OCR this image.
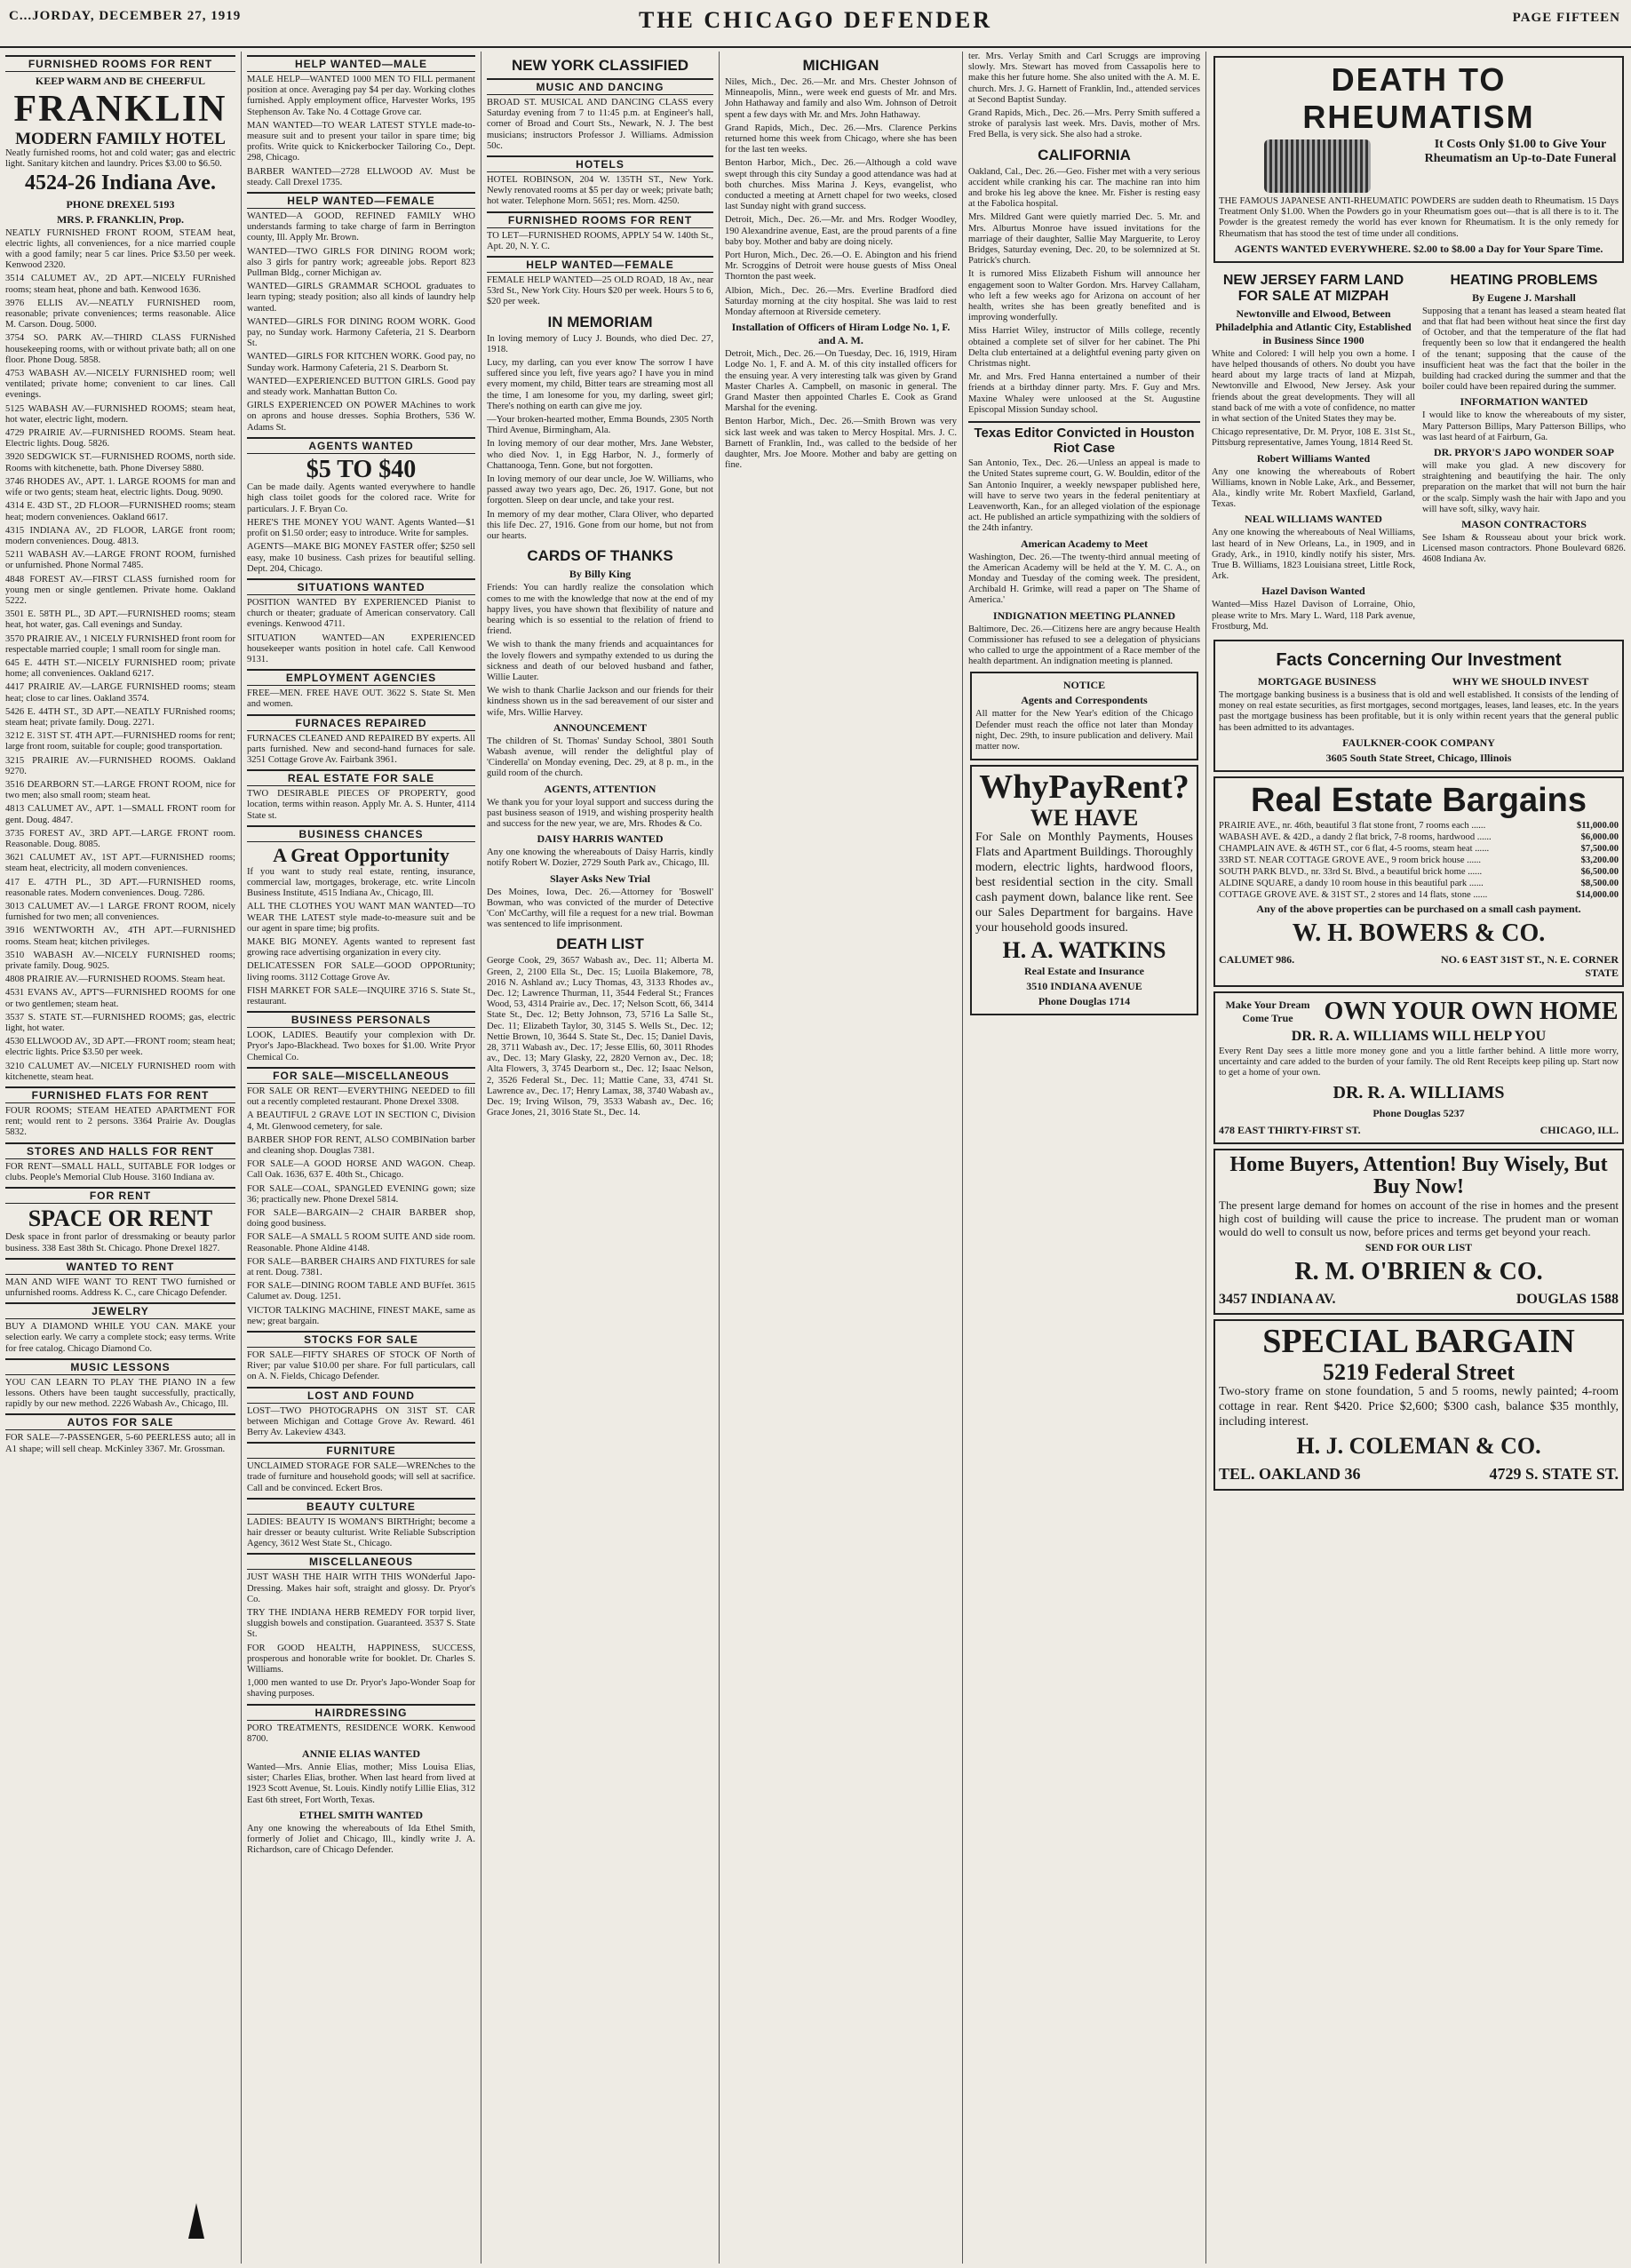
C...JORDAY, DECEMBER 27, 1919	THE CHICAGO DEFENDER	PAGE FIFTEEN
FURNISHED ROOMS FOR RENT
KEEP WARM AND BE CHEERFUL
FRANKLIN
MODERN FAMILY HOTEL
Neatly furnished rooms, hot and cold water; gas and electric light. Sanitary kitchen and laundry. Prices $3.00 to $6.50.
4524-26 Indiana Ave.
PHONE DREXEL 5193
MRS. P. FRANKLIN, Prop.
NEATLY FURNISHED FRONT ROOM, STEAM heat, electric lights, all conveniences, for a nice married couple with a good family; near 5 car lines. Price $3.50 per week. Kenwood 2320.
3514 CALUMET AV., 2D APT.—NICELY FURnished rooms; steam heat, phone and bath. Kenwood 1636.
3976 ELLIS AV.—NEATLY FURNISHED room, reasonable; private conveniences; terms reasonable. Alice M. Carson. Doug. 5000.
3754 SO. PARK AV.—THIRD CLASS FURNished housekeeping rooms, with or without private bath; all on one floor. Phone Doug. 5858.
4753 WABASH AV.—NICELY FURNISHED room; well ventilated; private home; convenient to car lines. Call evenings.
5125 WABASH AV.—FURNISHED ROOMS; steam heat, hot water, electric light, modern.
4729 PRAIRIE AV.—FURNISHED ROOMS. Steam heat. Electric lights. Doug. 5826.
3920 SEDGWICK ST.—FURNISHED ROOMS, north side. Rooms with kitchenette, bath. Phone Diversey 5880.
3746 RHODES AV., APT. 1. LARGE ROOMS for man and wife or two gents; steam heat, electric lights. Doug. 9090.
4314 E. 43D ST., 2D FLOOR—FURNISHED rooms; steam heat; modern conveniences. Oakland 6617.
4315 INDIANA AV., 2D FLOOR, LARGE front room; modern conveniences. Doug. 4813.
5211 WABASH AV.—LARGE FRONT ROOM, furnished or unfurnished. Phone Normal 7485.
4848 FOREST AV.—FIRST CLASS furnished room for young men or single gentlemen. Private home. Oakland 5222.
3501 E. 58TH PL., 3D APT.—FURNISHED rooms; steam heat, hot water, gas. Call evenings and Sunday.
3570 PRAIRIE AV., 1 NICELY FURNISHED front room for respectable married couple; 1 small room for single man.
645 E. 44TH ST.—NICELY FURNISHED room; private home; all conveniences. Oakland 6217.
4417 PRAIRIE AV.—LARGE FURNISHED rooms; steam heat; close to car lines. Oakland 3574.
5426 E. 44TH ST., 3D APT.—NEATLY FURnished rooms; steam heat; private family. Doug. 2271.
3212 E. 31ST ST. 4TH APT.—FURNISHED rooms for rent; large front room, suitable for couple; good transportation.
3215 PRAIRIE AV.—FURNISHED ROOMS. Oakland 9270.
3516 DEARBORN ST.—LARGE FRONT ROOM, nice for two men; also small room; steam heat.
4813 CALUMET AV., APT. 1—SMALL FRONT room for gent. Doug. 4847.
3735 FOREST AV., 3RD APT.—LARGE FRONT room. Reasonable. Doug. 8085.
3621 CALUMET AV., 1ST APT.—FURNISHED rooms; steam heat, electricity, all modern conveniences.
417 E. 47TH PL., 3D APT.—FURNISHED rooms, reasonable rates. Modern conveniences. Doug. 7286.
3013 CALUMET AV.—1 LARGE FRONT ROOM, nicely furnished for two men; all conveniences.
3916 WENTWORTH AV., 4TH APT.—FURNISHED rooms. Steam heat; kitchen privileges.
3510 WABASH AV.—NICELY FURNISHED rooms; private family. Doug. 9025.
4808 PRAIRIE AV.—FURNISHED ROOMS. Steam heat.
4531 EVANS AV., APT'S—FURNISHED ROOMS for one or two gentlemen; steam heat.
3537 S. STATE ST.—FURNISHED ROOMS; gas, electric light, hot water.
4530 ELLWOOD AV., 3D APT.—FRONT room; steam heat; electric lights. Price $3.50 per week.
3210 CALUMET AV.—NICELY FURNISHED room with kitchenette, steam heat.
FURNISHED FLATS FOR RENT
FOUR ROOMS; STEAM HEATED APARTMENT FOR rent; would rent to 2 persons. 3364 Prairie Av. Douglas 5832.
STORES AND HALLS FOR RENT
FOR RENT—SMALL HALL, SUITABLE FOR lodges or clubs. People's Memorial Club House. 3160 Indiana av.
FOR RENT
SPACE OR RENT
Desk space in front parlor of dressmaking or beauty parlor business. 338 East 38th St. Chicago. Phone Drexel 1827.
WANTED TO RENT
MAN AND WIFE WANT TO RENT TWO furnished or unfurnished rooms. Address K. C., care Chicago Defender.
JEWELRY
BUY A DIAMOND WHILE YOU CAN. MAKE your selection early. We carry a complete stock; easy terms. Write for free catalog. Chicago Diamond Co.
MUSIC LESSONS
YOU CAN LEARN TO PLAY THE PIANO IN a few lessons. Others have been taught successfully, practically, rapidly by our new method. 2226 Wabash Av., Chicago, Ill.
AUTOS FOR SALE
FOR SALE—7-PASSENGER, 5-60 PEERLESS auto; all in A1 shape; will sell cheap. McKinley 3367. Mr. Grossman.
HELP WANTED—MALE
MALE HELP—WANTED 1000 MEN TO FILL permanent position at once. Averaging pay $4 per day. Working clothes furnished. Apply employment office, Harvester Works, 195 Stephenson Av. Take No. 4 Cottage Grove car.
MAN WANTED—TO WEAR LATEST STYLE made-to-measure suit and to present your tailor in spare time; big profits. Write quick to Knickerbocker Tailoring Co., Dept. 298, Chicago.
BARBER WANTED—2728 ELLWOOD AV. Must be steady. Call Drexel 1735.
HELP WANTED—FEMALE
WANTED—A GOOD, REFINED FAMILY WHO understands farming to take charge of farm in Berrington county, Ill. Apply Mr. Brown.
WANTED—TWO GIRLS FOR DINING ROOM work; also 3 girls for pantry work; agreeable jobs. Report 823 Pullman Bldg., corner Michigan av.
WANTED—GIRLS GRAMMAR SCHOOL graduates to learn typing; steady position; also all kinds of laundry help wanted.
WANTED—GIRLS FOR DINING ROOM WORK. Good pay, no Sunday work. Harmony Cafeteria, 21 S. Dearborn St.
WANTED—GIRLS FOR KITCHEN WORK. Good pay, no Sunday work. Harmony Cafeteria, 21 S. Dearborn St.
WANTED—EXPERIENCED BUTTON GIRLS. Good pay and steady work. Manhattan Button Co.
GIRLS EXPERIENCED ON POWER MAchines to work on aprons and house dresses. Sophia Brothers, 536 W. Adams St.
AGENTS WANTED
$5 TO $40
Can be made daily. Agents wanted everywhere to handle high class toilet goods for the colored race. Write for particulars. J. F. Bryan Co.
HERE'S THE MONEY YOU WANT. Agents Wanted—$1 profit on $1.50 order; easy to introduce. Write for samples.
AGENTS—MAKE BIG MONEY FASTER offer; $250 sell easy, make 10 business. Cash prizes for beautiful selling. Dept. 204, Chicago.
SITUATIONS WANTED
POSITION WANTED BY EXPERIENCED Pianist to church or theater; graduate of American conservatory. Call evenings. Kenwood 4711.
SITUATION WANTED—AN EXPERIENCED housekeeper wants position in hotel cafe. Call Kenwood 9131.
EMPLOYMENT AGENCIES
FREE—MEN. FREE HAVE OUT. 3622 S. State St. Men and women.
FURNACES REPAIRED
FURNACES CLEANED AND REPAIRED BY experts. All parts furnished. New and second-hand furnaces for sale. 3251 Cottage Grove Av. Fairbank 3961.
REAL ESTATE FOR SALE
TWO DESIRABLE PIECES OF PROPERTY, good location, terms within reason. Apply Mr. A. S. Hunter, 4114 State st.
BUSINESS CHANCES
A Great Opportunity
If you want to study real estate, renting, insurance, commercial law, mortgages, brokerage, etc. write Lincoln Business Institute, 4515 Indiana Av., Chicago, Ill.
ALL THE CLOTHES YOU WANT MAN WANTED—TO WEAR THE LATEST style made-to-measure suit and be our agent in spare time; big profits.
MAKE BIG MONEY. Agents wanted to represent fast growing race advertising organization in every city.
DELICATESSEN FOR SALE—GOOD OPPORtunity; living rooms. 3112 Cottage Grove Av.
FISH MARKET FOR SALE—INQUIRE 3716 S. State St., restaurant.
BUSINESS PERSONALS
LOOK, LADIES. Beautify your complexion with Dr. Pryor's Japo-Blackhead. Two boxes for $1.00. Write Pryor Chemical Co.
FOR SALE—MISCELLANEOUS
FOR SALE OR RENT—EVERYTHING NEEDED to fill out a recently completed restaurant. Phone Drexel 3308.
A BEAUTIFUL 2 GRAVE LOT IN SECTION C, Division 4, Mt. Glenwood cemetery, for sale.
BARBER SHOP FOR RENT, ALSO COMBINation barber and cleaning shop. Douglas 7381.
FOR SALE—A GOOD HORSE AND WAGON. Cheap. Call Oak. 1636, 637 E. 40th St., Chicago.
FOR SALE—COAL, SPANGLED EVENING gown; size 36; practically new. Phone Drexel 5814.
FOR SALE—BARGAIN—2 CHAIR BARBER shop, doing good business.
FOR SALE—A SMALL 5 ROOM SUITE AND side room. Reasonable. Phone Aldine 4148.
FOR SALE—BARBER CHAIRS AND FIXTURES for sale at rent. Doug. 7381.
FOR SALE—DINING ROOM TABLE AND BUFfet. 3615 Calumet av. Doug. 1251.
VICTOR TALKING MACHINE, FINEST MAKE, same as new; great bargain.
STOCKS FOR SALE
FOR SALE—FIFTY SHARES OF STOCK OF North of River; par value $10.00 per share. For full particulars, call on A. N. Fields, Chicago Defender.
LOST AND FOUND
LOST—TWO PHOTOGRAPHS ON 31ST ST. CAR between Michigan and Cottage Grove Av. Reward. 461 Berry Av. Lakeview 4343.
FURNITURE
UNCLAIMED STORAGE FOR SALE—WRENches to the trade of furniture and household goods; will sell at sacrifice. Call and be convinced. Eckert Bros.
BEAUTY CULTURE
LADIES: BEAUTY IS WOMAN'S BIRTHright; become a hair dresser or beauty culturist. Write Reliable Subscription Agency, 3612 West State St., Chicago.
MISCELLANEOUS
JUST WASH THE HAIR WITH THIS WONderful Japo-Dressing. Makes hair soft, straight and glossy. Dr. Pryor's Co.
TRY THE INDIANA HERB REMEDY FOR torpid liver, sluggish bowels and constipation. Guaranteed. 3537 S. State St.
FOR GOOD HEALTH, HAPPINESS, SUCCESS, prosperous and honorable write for booklet. Dr. Charles S. Williams.
1,000 men wanted to use Dr. Pryor's Japo-Wonder Soap for shaving purposes.
HAIRDRESSING
PORO TREATMENTS, RESIDENCE WORK. Kenwood 8700.
ANNIE ELIAS WANTED
Wanted—Mrs. Annie Elias, mother; Miss Louisa Elias, sister; Charles Elias, brother. When last heard from lived at 1923 Scott Avenue, St. Louis. Kindly notify Lillie Elias, 312 East 6th street, Fort Worth, Texas.
ETHEL SMITH WANTED
Any one knowing the whereabouts of Ida Ethel Smith, formerly of Joliet and Chicago, Ill., kindly write J. A. Richardson, care of Chicago Defender.
NEW YORK CLASSIFIED
MUSIC AND DANCING
BROAD ST. MUSICAL AND DANCING CLASS every Saturday evening from 7 to 11:45 p.m. at Engineer's hall, corner of Broad and Court Sts., Newark, N. J. The best musicians; instructors Professor J. Williams. Admission 50c.
HOTELS
HOTEL ROBINSON, 204 W. 135TH ST., New York. Newly renovated rooms at $5 per day or week; private bath; hot water. Telephone Morn. 5651; res. Morn. 4250.
FURNISHED ROOMS FOR RENT
TO LET—FURNISHED ROOMS, APPLY 54 W. 140th St., Apt. 20, N. Y. C.
HELP WANTED—FEMALE
FEMALE HELP WANTED—25 OLD ROAD, 18 Av., near 53rd St., New York City. Hours $20 per week. Hours 5 to 6, $20 per week.
IN MEMORIAM
In loving memory of Lucy J. Bounds, who died Dec. 27, 1918.
Lucy, my darling, can you ever know The sorrow I have suffered since you left, five years ago? I have you in mind every moment, my child, Bitter tears are streaming most all the time, I am lonesome for you, my darling, sweet girl; There's nothing on earth can give me joy.
—Your broken-hearted mother, Emma Bounds, 2305 North Third Avenue, Birmingham, Ala.
In loving memory of our dear mother, Mrs. Jane Webster, who died Nov. 1, in Egg Harbor, N. J., formerly of Chattanooga, Tenn. Gone, but not forgotten.
In loving memory of our dear uncle, Joe W. Williams, who passed away two years ago, Dec. 26, 1917. Gone, but not forgotten. Sleep on dear uncle, and take your rest.
In memory of my dear mother, Clara Oliver, who departed this life Dec. 27, 1916. Gone from our home, but not from our hearts.
CARDS OF THANKS
By Billy King
Friends: You can hardly realize the consolation which comes to me with the knowledge that now at the end of my happy lives, you have shown that flexibility of nature and bearing which is so essential to the relation of friend to friend.
We wish to thank the many friends and acquaintances for the lovely flowers and sympathy extended to us during the sickness and death of our beloved husband and father, Willie Lauter.
We wish to thank Charlie Jackson and our friends for their kindness shown us in the sad bereavement of our sister and wife, Mrs. Willie Harvey.
ANNOUNCEMENT
The children of St. Thomas' Sunday School, 3801 South Wabash avenue, will render the delightful play of 'Cinderella' on Monday evening, Dec. 29, at 8 p. m., in the guild room of the church.
AGENTS, ATTENTION
We thank you for your loyal support and success during the past business season of 1919, and wishing prosperity health and success for the new year, we are, Mrs. Rhodes & Co.
DAISY HARRIS WANTED
Any one knowing the whereabouts of Daisy Harris, kindly notify Robert W. Dozier, 2729 South Park av., Chicago, Ill.
Slayer Asks New Trial
Des Moines, Iowa, Dec. 26.—Attorney for 'Boswell' Bowman, who was convicted of the murder of Detective 'Con' McCarthy, will file a request for a new trial. Bowman was sentenced to life imprisonment.
DEATH LIST
George Cook, 29, 3657 Wabash av., Dec. 11; Alberta M. Green, 2, 2100 Ella St., Dec. 15; Luoila Blakemore, 78, 2016 N. Ashland av.; Lucy Thomas, 43, 3133 Rhodes av., Dec. 12; Lawrence Thurman, 11, 3544 Federal St.; Frances Wood, 53, 4314 Prairie av., Dec. 17; Nelson Scott, 66, 3414 State St., Dec. 12; Betty Johnson, 73, 5716 La Salle St., Dec. 11; Elizabeth Taylor, 30, 3145 S. Wells St., Dec. 12; Nettie Brown, 10, 3644 S. State St., Dec. 15; Daniel Davis, 28, 3711 Wabash av., Dec. 17; Jesse Ellis, 60, 3011 Rhodes av., Dec. 13; Mary Glasky, 22, 2820 Vernon av., Dec. 18; Alta Flowers, 3, 3745 Dearborn st., Dec. 12; Isaac Nelson, 2, 3526 Federal St., Dec. 11; Mattie Cane, 33, 4741 St. Lawrence av., Dec. 17; Henry Lamax, 38, 3740 Wabash av., Dec. 19; Irving Wilson, 79, 3533 Wabash av., Dec. 16; Grace Jones, 21, 3016 State St., Dec. 14.
MICHIGAN
Niles, Mich., Dec. 26.—Mr. and Mrs. Chester Johnson of Minneapolis, Minn., were week end guests of Mr. and Mrs. John Hathaway and family and also Wm. Johnson of Detroit spent a few days with Mr. and Mrs. John Hathaway.
Grand Rapids, Mich., Dec. 26.—Mrs. Clarence Perkins returned home this week from Chicago, where she has been for the last ten weeks.
Benton Harbor, Mich., Dec. 26.—Although a cold wave swept through this city Sunday a good attendance was had at both churches. Miss Marina J. Keys, evangelist, who conducted a meeting at Arnett chapel for two weeks, closed last Sunday night with grand success.
Detroit, Mich., Dec. 26.—Mr. and Mrs. Rodger Woodley, 190 Alexandrine avenue, East, are the proud parents of a fine baby boy. Mother and baby are doing nicely.
Port Huron, Mich., Dec. 26.—O. E. Abington and his friend Mr. Scroggins of Detroit were house guests of Miss Oneal Thornton the past week.
Albion, Mich., Dec. 26.—Mrs. Everline Bradford died Saturday morning at the city hospital. She was laid to rest Monday afternoon at Riverside cemetery.
Installation of Officers of Hiram Lodge No. 1, F. and A. M.
Detroit, Mich., Dec. 26.—On Tuesday, Dec. 16, 1919, Hiram Lodge No. 1, F. and A. M. of this city installed officers for the ensuing year. A very interesting talk was given by Grand Master Charles A. Campbell, on masonic in general. The Grand Master then appointed Charles E. Cook as Grand Marshal for the evening.
Benton Harbor, Mich., Dec. 26.—Smith Brown was very sick last week and was taken to Mercy Hospital. Mrs. J. C. Barnett of Franklin, Ind., was called to the bedside of her daughter, Mrs. Joe Moore. Mother and baby are getting on fine.
ter. Mrs. Verlay Smith and Carl Scruggs are improving slowly. Mrs. Stewart has moved from Cassapolis here to make this her future home. She also united with the A. M. E. church. Mrs. J. G. Harnett of Franklin, Ind., attended services at Second Baptist Sunday.
Grand Rapids, Mich., Dec. 26.—Mrs. Perry Smith suffered a stroke of paralysis last week. Mrs. Davis, mother of Mrs. Fred Bella, is very sick. She also had a stroke.
CALIFORNIA
Oakland, Cal., Dec. 26.—Geo. Fisher met with a very serious accident while cranking his car. The machine ran into him and broke his leg above the knee. Mr. Fisher is resting easy at the Fabolica hospital.
Mrs. Mildred Gant were quietly married Dec. 5. Mr. and Mrs. Alburtus Monroe have issued invitations for the marriage of their daughter, Sallie May Marguerite, to Leroy Bridges, Saturday evening, Dec. 20, to be solemnized at St. Patrick's church.
It is rumored Miss Elizabeth Fishum will announce her engagement soon to Walter Gordon. Mrs. Harvey Callaham, who left a few weeks ago for Arizona on account of her health, writes she has been greatly benefited and is improving wonderfully.
Miss Harriet Wiley, instructor of Mills college, recently obtained a complete set of silver for her cabinet. The Phi Delta club entertained at a delightful evening party given on Christmas night.
Mr. and Mrs. Fred Hanna entertained a number of their friends at a birthday dinner party. Mrs. F. Guy and Mrs. Maxine Whaley were unloosed at the St. Augustine Episcopal Mission Sunday school.
Texas Editor Convicted in Houston Riot Case
San Antonio, Tex., Dec. 26.—Unless an appeal is made to the United States supreme court, G. W. Bouldin, editor of the San Antonio Inquirer, a weekly newspaper published here, will have to serve two years in the federal penitentiary at Leavenworth, Kan., for an alleged violation of the espionage act. He published an article sympathizing with the soldiers of the 24th infantry.
American Academy to Meet
Washington, Dec. 26.—The twenty-third annual meeting of the American Academy will be held at the Y. M. C. A., on Monday and Tuesday of the coming week. The president, Archibald H. Grimke, will read a paper on 'The Shame of America.'
INDIGNATION MEETING PLANNED
Baltimore, Dec. 26.—Citizens here are angry because Health Commissioner has refused to see a delegation of physicians who called to urge the appointment of a Race member of the health department. An indignation meeting is planned.
NOTICE
Agents and Correspondents
All matter for the New Year's edition of the Chicago Defender must reach the office not later than Monday night, Dec. 29th, to insure publication and delivery. Mail matter now.
WhyPayRent?
WE HAVE
For Sale on Monthly Payments, Houses Flats and Apartment Buildings. Thoroughly modern, electric lights, hardwood floors, best residential section in the city. Small cash payment down, balance like rent. See our Sales Department for bargains. Have your household goods insured.
H. A. WATKINS
Real Estate and Insurance
3510 INDIANA AVENUE
Phone Douglas 1714
DEATH TO RHEUMATISM
It Costs Only $1.00 to Give Your Rheumatism an Up-to-Date Funeral
THE FAMOUS JAPANESE ANTI-RHEUMATIC POWDERS are sudden death to Rheumatism. 15 Days Treatment Only $1.00. When the Powders go in your Rheumatism goes out—that is all there is to it. The Powder is the greatest remedy the world has ever known for Rheumatism. It is the only remedy for Rheumatism that has stood the test of time under all conditions.
AGENTS WANTED EVERYWHERE. $2.00 to $8.00 a Day for Your Spare Time.
NEW JERSEY FARM LAND FOR SALE AT MIZPAH
Newtonville and Elwood, Between Philadelphia and Atlantic City, Established in Business Since 1900
White and Colored: I will help you own a home. I have helped thousands of others. No doubt you have heard about my large tracts of land at Mizpah, Newtonville and Elwood, New Jersey. Ask your friends about the great developments. They will all stand back of me with a vote of confidence, no matter in what section of the United States they may be.
Chicago representative, Dr. M. Pryor, 108 E. 31st St., Pittsburg representative, James Young, 1814 Reed St.
Robert Williams Wanted
Any one knowing the whereabouts of Robert Williams, known in Noble Lake, Ark., and Bessemer, Ala., kindly write Mr. Robert Maxfield, Garland, Texas.
NEAL WILLIAMS WANTED
Any one knowing the whereabouts of Neal Williams, last heard of in New Orleans, La., in 1909, and in Grady, Ark., in 1910, kindly notify his sister, Mrs. True B. Williams, 1823 Louisiana street, Little Rock, Ark.
Hazel Davison Wanted
Wanted—Miss Hazel Davison of Lorraine, Ohio, please write to Mrs. Mary L. Ward, 118 Park avenue, Frostburg, Md.
HEATING PROBLEMS
By Eugene J. Marshall
Supposing that a tenant has leased a steam heated flat and that flat had been without heat since the first day of October, and that the temperature of the flat had frequently been so low that it endangered the health of the tenant; supposing that the cause of the insufficient heat was the fact that the boiler in the building had cracked during the summer and that the boiler could have been repaired during the summer.
INFORMATION WANTED
I would like to know the whereabouts of my sister, Mary Patterson Billips, Mary Patterson Billips, who was last heard of at Fairburn, Ga.
DR. PRYOR'S JAPO WONDER SOAP
will make you glad. A new discovery for straightening and beautifying the hair. The only preparation on the market that will not burn the hair or the scalp. Simply wash the hair with Japo and you will have soft, silky, wavy hair.
MASON CONTRACTORS
See Isham & Rousseau about your brick work. Licensed mason contractors. Phone Boulevard 6826. 4608 Indiana Av.
Facts Concerning Our Investment
MORTGAGE BUSINESS	WHY WE SHOULD INVEST
The mortgage banking business is a business that is old and well established. It consists of the lending of money on real estate securities, as first mortgages, second mortgages, leases, land leases, etc. In the years past the mortgage business has been profitable, but it is only within recent years that the general public has been admitted to its advantages.
FAULKNER-COOK COMPANY
3605 South State Street, Chicago, Illinois
Real Estate Bargains
PRAIRIE AVE., nr. 46th, beautiful 3 flat stone front, 7 rooms each ......	$11,000.00
WABASH AVE. & 42D., a dandy 2 flat brick, 7-8 rooms, hardwood ......	$6,000.00
CHAMPLAIN AVE. & 46TH ST., cor 6 flat, 4-5 rooms, steam heat ......	$7,500.00
33RD ST. NEAR COTTAGE GROVE AVE., 9 room brick house ......	$3,200.00
SOUTH PARK BLVD., nr. 33rd St. Blvd., a beautiful brick home ......	$6,500.00
ALDINE SQUARE, a dandy 10 room house in this beautiful park ......	$8,500.00
COTTAGE GROVE AVE. & 31ST ST., 2 stores and 14 flats, stone ......	$14,000.00
Any of the above properties can be purchased on a small cash payment.
W. H. BOWERS & CO.
CALUMET 986.	NO. 6 EAST 31ST ST., N. E. CORNER STATE
Make Your Dream Come True	OWN YOUR OWN HOME
DR. R. A. WILLIAMS WILL HELP YOU
Every Rent Day sees a little more money gone and you a little farther behind. A little more worry, uncertainty and care added to the burden of your family. The old Rent Receipts keep piling up. Start now to get a home of your own.
DR. R. A. WILLIAMS
Phone Douglas 5237
478 EAST THIRTY-FIRST ST.	CHICAGO, ILL.
Home Buyers, Attention! Buy Wisely, But Buy Now!
The present large demand for homes on account of the rise in homes and the present high cost of building will cause the price to increase. The prudent man or woman would do well to consult us now, before prices and terms get beyond your reach.
SEND FOR OUR LIST
R. M. O'BRIEN & CO.
3457 INDIANA AV.	DOUGLAS 1588
SPECIAL BARGAIN
5219 Federal Street
Two-story frame on stone foundation, 5 and 5 rooms, newly painted; 4-room cottage in rear. Rent $420. Price $2,600; $300 cash, balance $35 monthly, including interest.
H. J. COLEMAN & CO.
TEL. OAKLAND 36	4729 S. STATE ST.
